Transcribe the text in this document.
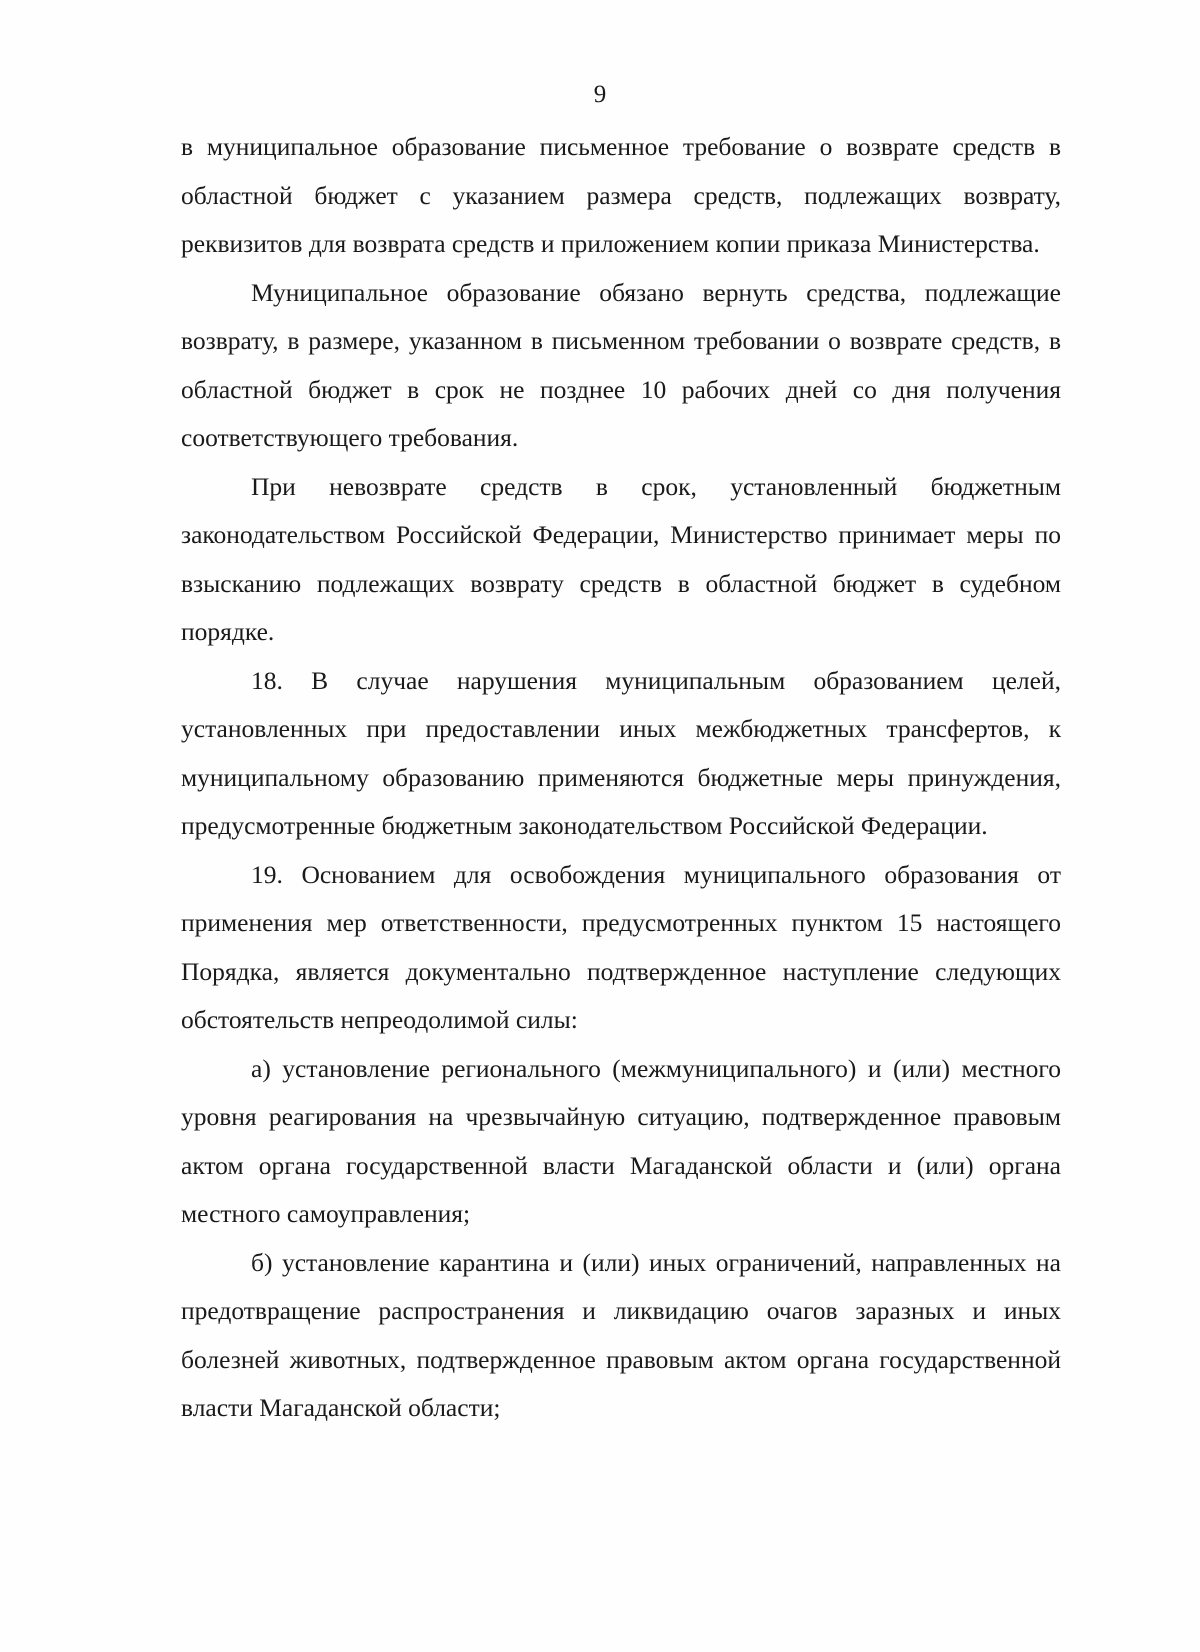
9

в муниципальное образование письменное требование о возврате средств в областной бюджет с указанием размера средств, подлежащих возврату, реквизитов для возврата средств и приложением копии приказа Министерства.

Муниципальное образование обязано вернуть средства, подлежащие возврату, в размере, указанном в письменном требовании о возврате средств, в областной бюджет в срок не позднее 10 рабочих дней со дня получения соответствующего требования.

При невозврате средств в срок, установленный бюджетным законодательством Российской Федерации, Министерство принимает меры по взысканию подлежащих возврату средств в областной бюджет в судебном порядке.

18. В случае нарушения муниципальным образованием целей, установленных при предоставлении иных межбюджетных трансфертов, к муниципальному образованию применяются бюджетные меры принуждения, предусмотренные бюджетным законодательством Российской Федерации.

19. Основанием для освобождения муниципального образования от применения мер ответственности, предусмотренных пунктом 15 настоящего Порядка, является документально подтвержденное наступление следующих обстоятельств непреодолимой силы:

а) установление регионального (межмуниципального) и (или) местного уровня реагирования на чрезвычайную ситуацию, подтвержденное правовым актом органа государственной власти Магаданской области и (или) органа местного самоуправления;

б) установление карантина и (или) иных ограничений, направленных на предотвращение распространения и ликвидацию очагов заразных и иных болезней животных, подтвержденное правовым актом органа государственной власти Магаданской области;
